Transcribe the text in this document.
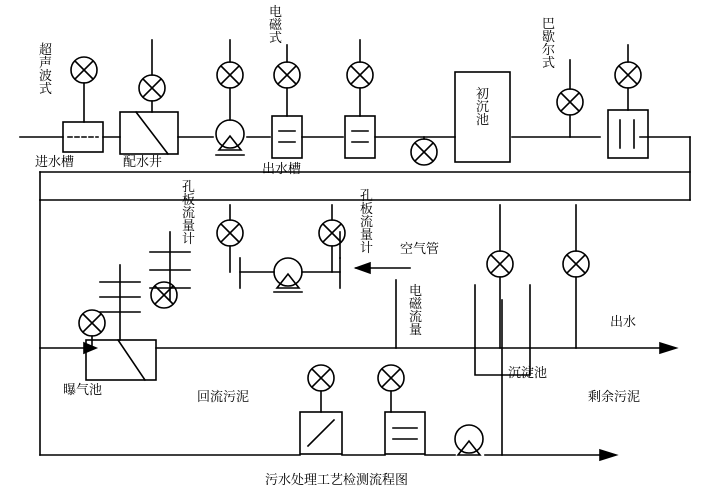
超 声 波 式
电 磁 式
巴 歇 尔 式
进水槽	配水井	出水槽
初 沉 池
孔 板 流 量 计
孔 板 流 量 计 空气管
电 磁 流 量
曝气池	回流污泥
沉淀池
出水
剩余污泥
污水处理工艺检测流程图
